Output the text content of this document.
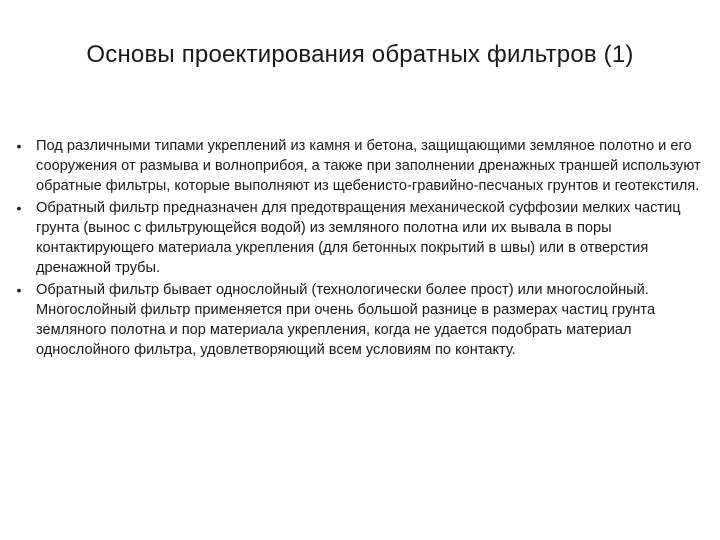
Основы проектирования обратных фильтров (1)
• Под различными типами укреплений из камня и бетона, защищающими земляное полотно и его сооружения от размыва и волноприбоя, а также при заполнении дренажных траншей используют обратные фильтры, которые выполняют из щебенисто-гравийно-песчаных грунтов и геотекстиля.
• Обратный фильтр предназначен для предотвращения механической суффозии мелких частиц грунта (вынос с фильтрующейся водой) из земляного полотна или их вывала в поры контактирующего материала укрепления (для бетонных покрытий в швы) или в отверстия дренажной трубы.
• Обратный фильтр бывает однослойный (технологически более прост) или многослойный. Многослойный фильтр применяется при очень большой разнице в размерах частиц грунта земляного полотна и пор материала укрепления, когда не удается подобрать материал однослойного фильтра, удовлетворяющий всем условиям по контакту.
